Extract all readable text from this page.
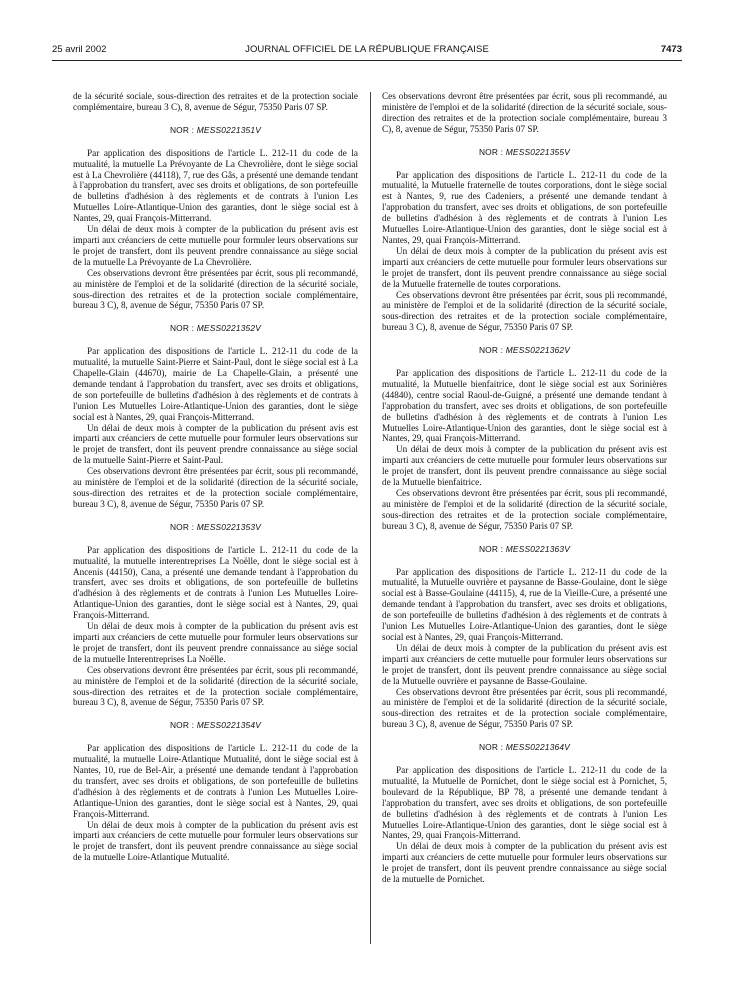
25 avril 2002	JOURNAL OFFICIEL DE LA RÉPUBLIQUE FRANÇAISE	7473

de la sécurité sociale, sous-direction des retraites et de la protection sociale complémentaire, bureau 3 C), 8, avenue de Ségur, 75350 Paris 07 SP.

NOR : MESS0221351V

Par application des dispositions de l'article L. 212-11 du code de la mutualité, la mutuelle La Prévoyante de La Chevrolière, dont le siège social est à La Chevrolière (44118), 7, rue des Gâs, a présenté une demande tendant à l'approbation du transfert, avec ses droits et obligations, de son portefeuille de bulletins d'adhésion à des règlements et de contrats à l'union Les Mutuelles Loire-Atlantique-Union des garanties, dont le siège social est à Nantes, 29, quai François-Mitterrand.

Un délai de deux mois à compter de la publication du présent avis est imparti aux créanciers de cette mutuelle pour formuler leurs observations sur le projet de transfert, dont ils peuvent prendre connaissance au siège social de la mutuelle La Prévoyante de La Chevrolière.

Ces observations devront être présentées par écrit, sous pli recommandé, au ministère de l'emploi et de la solidarité (direction de la sécurité sociale, sous-direction des retraites et de la protection sociale complémentaire, bureau 3 C), 8, avenue de Ségur, 75350 Paris 07 SP.

NOR : MESS0221352V

Par application des dispositions de l'article L. 212-11 du code de la mutualité, la mutuelle Saint-Pierre et Saint-Paul, dont le siège social est à La Chapelle-Glain (44670), mairie de La Chapelle-Glain, a présenté une demande tendant à l'approbation du transfert, avec ses droits et obligations, de son portefeuille de bulletins d'adhésion à des règlements et de contrats à l'union Les Mutuelles Loire-Atlantique-Union des garanties, dont le siège social est à Nantes, 29, quai François-Mitterrand.

Un délai de deux mois à compter de la publication du présent avis est imparti aux créanciers de cette mutuelle pour formuler leurs observations sur le projet de transfert, dont ils peuvent prendre connaissance au siège social de la mutuelle Saint-Pierre et Saint-Paul.

Ces observations devront être présentées par écrit, sous pli recommandé, au ministère de l'emploi et de la solidarité (direction de la sécurité sociale, sous-direction des retraites et de la protection sociale complémentaire, bureau 3 C), 8, avenue de Ségur, 75350 Paris 07 SP.

NOR : MESS0221353V

Par application des dispositions de l'article L. 212-11 du code de la mutualité, la mutuelle interentreprises La Noëlle, dont le siège social est à Ancenis (44150), Cana, a présenté une demande tendant à l'approbation du transfert, avec ses droits et obligations, de son portefeuille de bulletins d'adhésion à des règlements et de contrats à l'union Les Mutuelles Loire-Atlantique-Union des garanties, dont le siège social est à Nantes, 29, quai François-Mitterrand.

Un délai de deux mois à compter de la publication du présent avis est imparti aux créanciers de cette mutuelle pour formuler leurs observations sur le projet de transfert, dont ils peuvent prendre connaissance au siège social de la mutuelle Interentreprises La Noëlle.

Ces observations devront être présentées par écrit, sous pli recommandé, au ministère de l'emploi et de la solidarité (direction de la sécurité sociale, sous-direction des retraites et de la protection sociale complémentaire, bureau 3 C), 8, avenue de Ségur, 75350 Paris 07 SP.

NOR : MESS0221354V

Par application des dispositions de l'article L. 212-11 du code de la mutualité, la mutuelle Loire-Atlantique Mutualité, dont le siège social est à Nantes, 10, rue de Bel-Air, a présenté une demande tendant à l'approbation du transfert, avec ses droits et obligations, de son portefeuille de bulletins d'adhésion à des règlements et de contrats à l'union Les Mutuelles Loire-Atlantique-Union des garanties, dont le siège social est à Nantes, 29, quai François-Mitterrand.

Un délai de deux mois à compter de la publication du présent avis est imparti aux créanciers de cette mutuelle pour formuler leurs observations sur le projet de transfert, dont ils peuvent prendre connaissance au siège social de la mutuelle Loire-Atlantique Mutualité.

Ces observations devront être présentées par écrit, sous pli recommandé, au ministère de l'emploi et de la solidarité (direction de la sécurité sociale, sous-direction des retraites et de la protection sociale complémentaire, bureau 3 C), 8, avenue de Ségur, 75350 Paris 07 SP.

NOR : MESS0221355V

Par application des dispositions de l'article L. 212-11 du code de la mutualité, la Mutuelle fraternelle de toutes corporations, dont le siège social est à Nantes, 9, rue des Cadeniers, a présenté une demande tendant à l'approbation du transfert, avec ses droits et obligations, de son portefeuille de bulletins d'adhésion à des règlements et de contrats à l'union Les Mutuelles Loire-Atlantique-Union des garanties, dont le siège social est à Nantes, 29, quai François-Mitterrand.

Un délai de deux mois à compter de la publication du présent avis est imparti aux créanciers de cette mutuelle pour formuler leurs observations sur le projet de transfert, dont ils peuvent prendre connaissance au siège social de la Mutuelle fraternelle de toutes corporations.

Ces observations devront être présentées par écrit, sous pli recommandé, au ministère de l'emploi et de la solidarité (direction de la sécurité sociale, sous-direction des retraites et de la protection sociale complémentaire, bureau 3 C), 8, avenue de Ségur, 75350 Paris 07 SP.

NOR : MESS0221362V

Par application des dispositions de l'article L. 212-11 du code de la mutualité, la Mutuelle bienfaitrice, dont le siège social est aux Sorinières (44840), centre social Raoul-de-Guigné, a présenté une demande tendant à l'approbation du transfert, avec ses droits et obligations, de son portefeuille de bulletins d'adhésion à des règlements et de contrats à l'union Les Mutuelles Loire-Atlantique-Union des garanties, dont le siège social est à Nantes, 29, quai François-Mitterrand.

Un délai de deux mois à compter de la publication du présent avis est imparti aux créanciers de cette mutuelle pour formuler leurs observations sur le projet de transfert, dont ils peuvent prendre connaissance au siège social de la Mutuelle bienfaitrice.

Ces observations devront être présentées par écrit, sous pli recommandé, au ministère de l'emploi et de la solidarité (direction de la sécurité sociale, sous-direction des retraites et de la protection sociale complémentaire, bureau 3 C), 8, avenue de Ségur, 75350 Paris 07 SP.

NOR : MESS0221363V

Par application des dispositions de l'article L. 212-11 du code de la mutualité, la Mutuelle ouvrière et paysanne de Basse-Goulaine, dont le siège social est à Basse-Goulaine (44115), 4, rue de la Vieille-Cure, a présenté une demande tendant à l'approbation du transfert, avec ses droits et obligations, de son portefeuille de bulletins d'adhésion à des règlements et de contrats à l'union Les Mutuelles Loire-Atlantique-Union des garanties, dont le siège social est à Nantes, 29, quai François-Mitterrand.

Un délai de deux mois à compter de la publication du présent avis est imparti aux créanciers de cette mutuelle pour formuler leurs observations sur le projet de transfert, dont ils peuvent prendre connaissance au siège social de la Mutuelle ouvrière et paysanne de Basse-Goulaine.

Ces observations devront être présentées par écrit, sous pli recommandé, au ministère de l'emploi et de la solidarité (direction de la sécurité sociale, sous-direction des retraites et de la protection sociale complémentaire, bureau 3 C), 8, avenue de Ségur, 75350 Paris 07 SP.

NOR : MESS0221364V

Par application des dispositions de l'article L. 212-11 du code de la mutualité, la Mutuelle de Pornichet, dont le siège social est à Pornichet, 5, boulevard de la République, BP 78, a présenté une demande tendant à l'approbation du transfert, avec ses droits et obligations, de son portefeuille de bulletins d'adhésion à des règlements et de contrats à l'union Les Mutuelles Loire-Atlantique-Union des garanties, dont le siège social est à Nantes, 29, quai François-Mitterrand.

Un délai de deux mois à compter de la publication du présent avis est imparti aux créanciers de cette mutuelle pour formuler leurs observations sur le projet de transfert, dont ils peuvent prendre connaissance au siège social de la mutuelle de Pornichet.
